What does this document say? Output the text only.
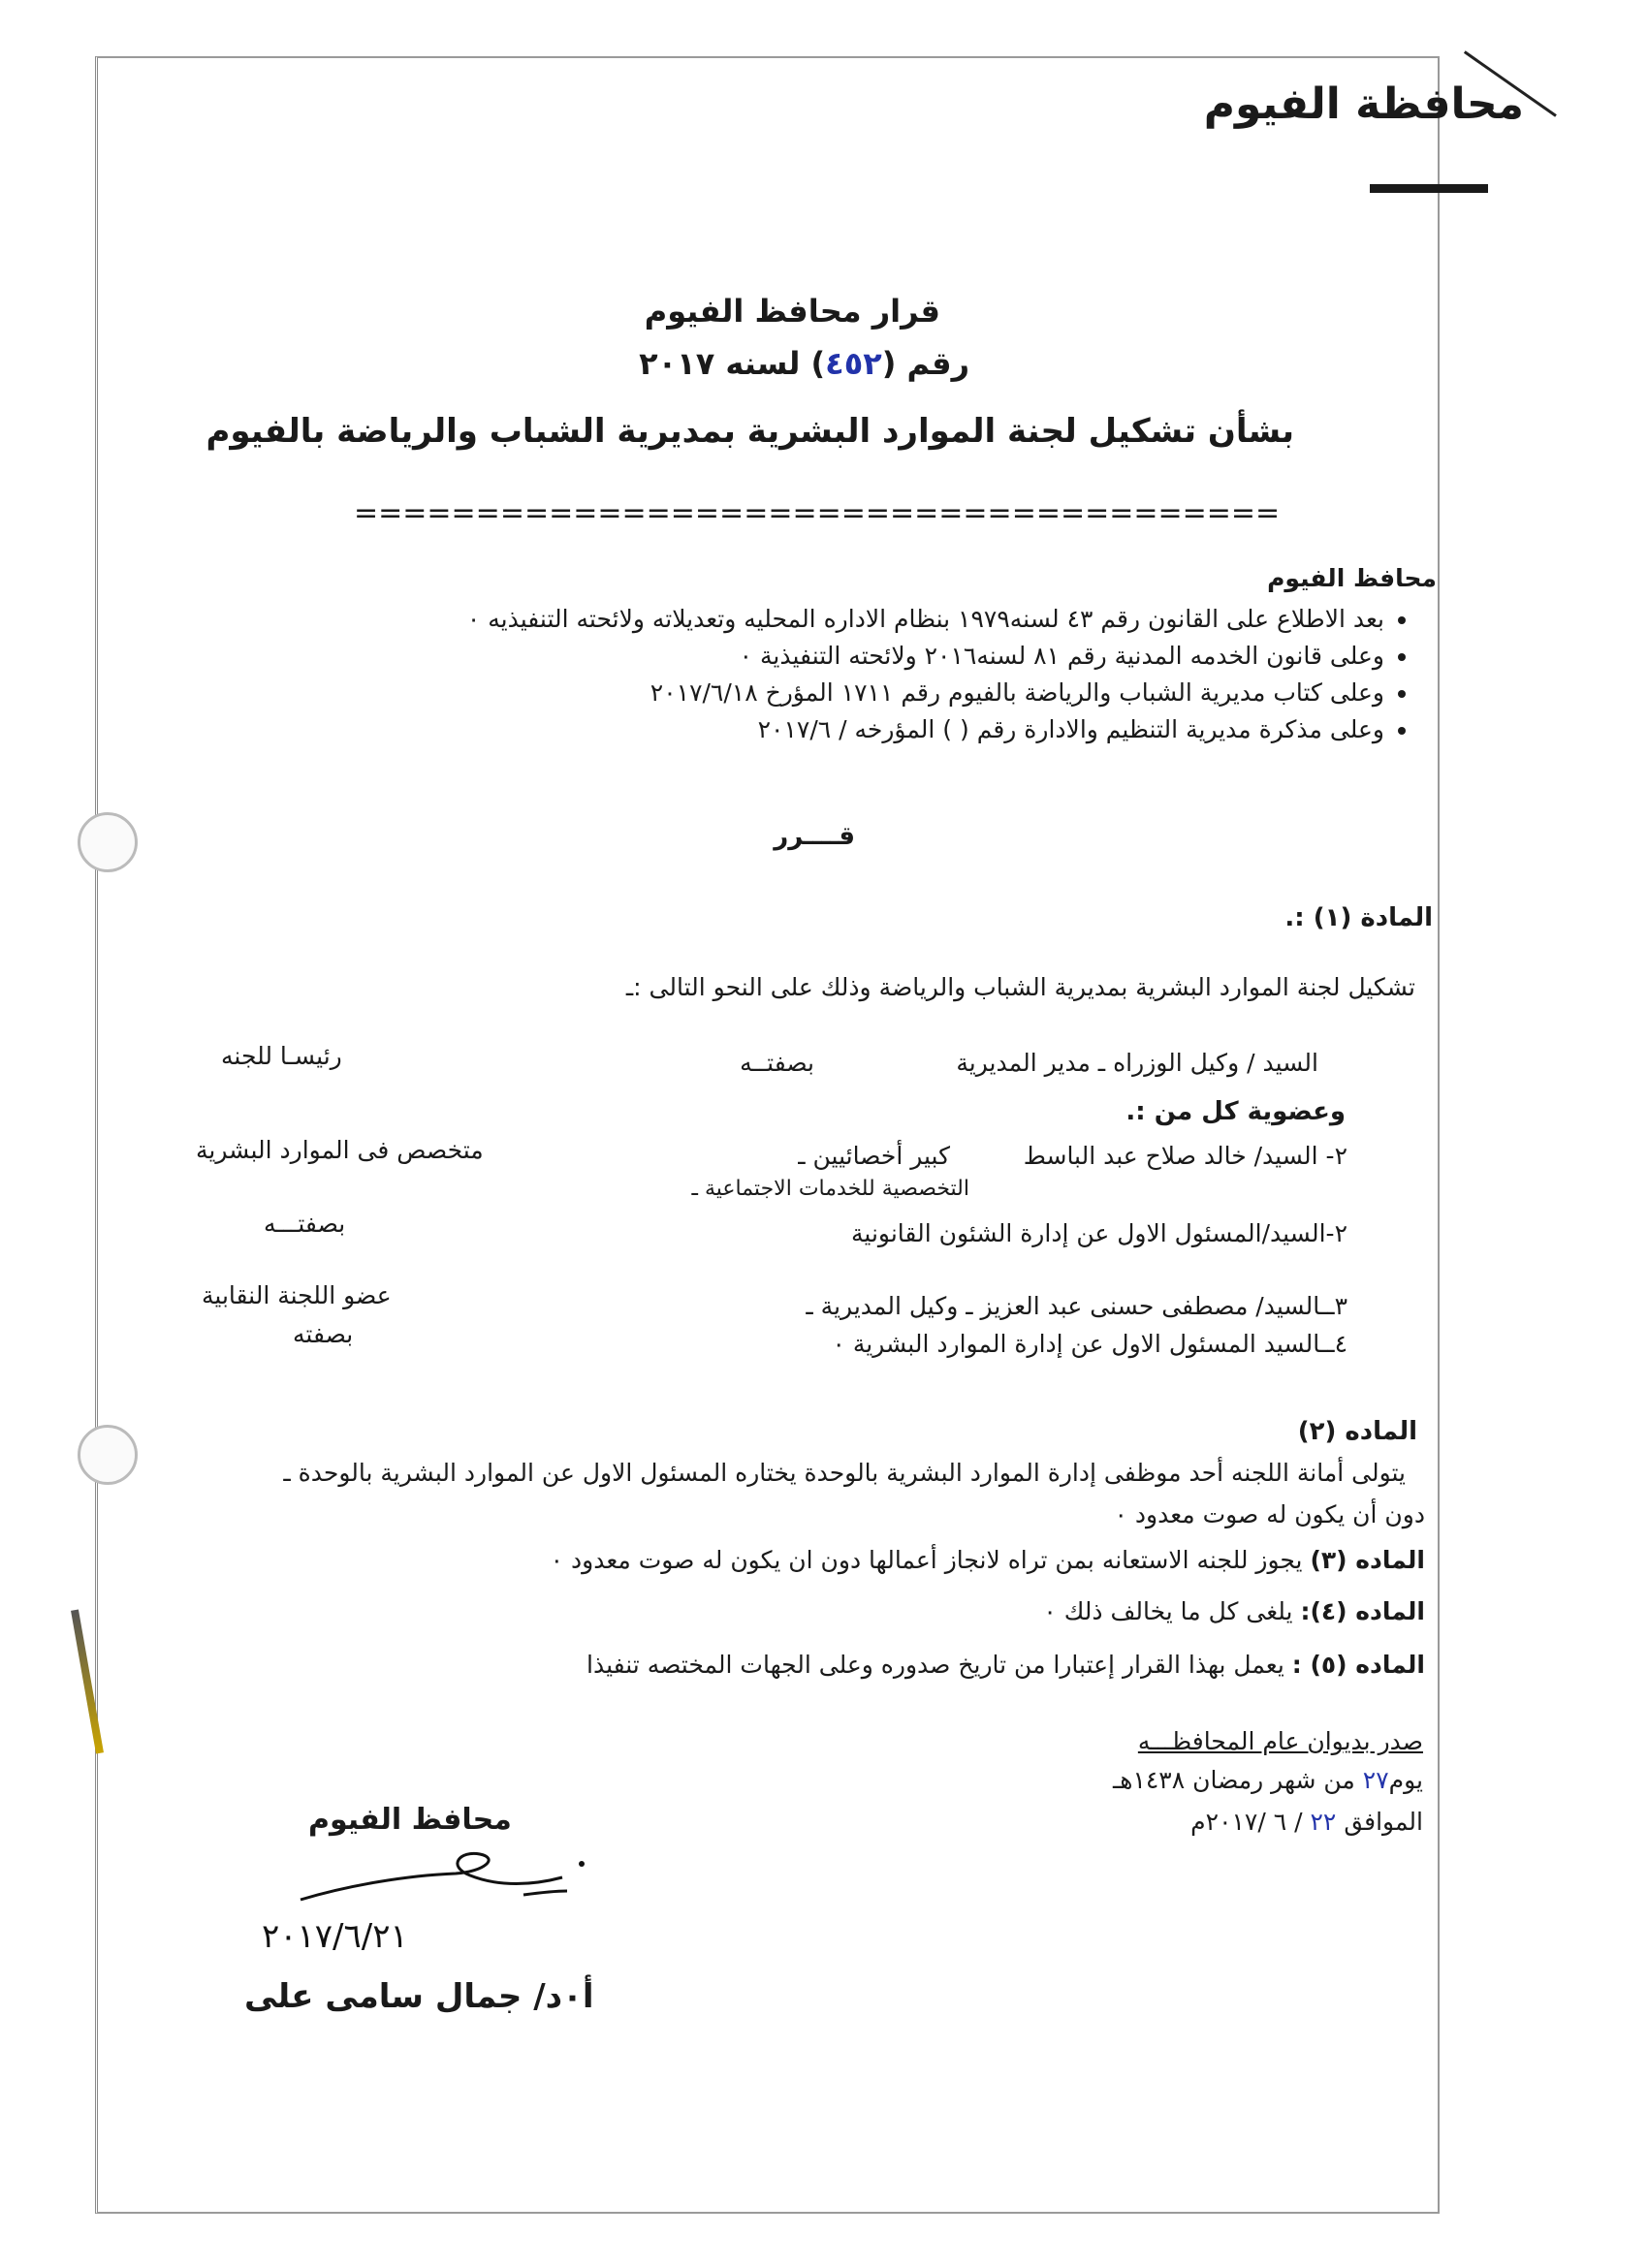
محافظة الفيوم
قرار محافظ الفيوم
رقم (٤٥٢) لسنه ٢٠١٧
بشأن تشكيل لجنة الموارد البشرية بمديرية الشباب والرياضة بالفيوم
======================================
محافظ الفيوم
• بعد الاطلاع على القانون رقم ٤٣ لسنه١٩٧٩ بنظام الاداره المحليه وتعديلاته ولائحته التنفيذيه ٠
• وعلى قانون الخدمه المدنية رقم ٨١ لسنه٢٠١٦ ولائحته التنفيذية ٠
• وعلى كتاب مديرية الشباب والرياضة بالفيوم رقم ١٧١١ المؤرخ ٢٠١٧/٦/١٨
• وعلى مذكرة مديرية التنظيم والادارة رقم ( ) المؤرخه / ٢٠١٧/٦
قــــرر
المادة (١) :.
تشكيل لجنة الموارد البشرية بمديرية الشباب والرياضة وذلك على النحو التالى :ـ
السيد / وكيل الوزراه ـ مدير المديرية
بصفتــه
رئيسـا للجنه
وعضوية كل من :.
٢- السيد/ خالد صلاح عبد الباسط
كبير أخصائيين ـ
التخصصية للخدمات الاجتماعية ـ
متخصص فى الموارد البشرية
٢-السيد/المسئول الاول عن إدارة الشئون القانونية
بصفتـــه
٣ــالسيد/ مصطفى حسنى عبد العزيز ـ وكيل المديرية ـ
عضو اللجنة النقابية
٤ــالسيد المسئول الاول عن إدارة الموارد البشرية ٠
بصفته
الماده (٢)
يتولى أمانة اللجنه أحد موظفى إدارة الموارد البشرية بالوحدة يختاره المسئول الاول عن الموارد البشرية بالوحدة ـ
دون أن يكون له صوت معدود ٠
الماده (٣) يجوز للجنه الاستعانه بمن تراه لانجاز أعمالها دون ان يكون له صوت معدود ٠
الماده (٤): يلغى كل ما يخالف ذلك ٠
الماده (٥) : يعمل بهذا القرار إعتبارا من تاريخ صدوره وعلى الجهات المختصه تنفيذا
صدر بديوان عام المحافظـــه
يوم٢٧ من شهر رمضان ١٤٣٨هـ
الموافق ٢٢ / ٦ /٢٠١٧م
محافظ الفيوم
٢٠١٧/٦/٢١
أ٠د/ جمال سامى على
